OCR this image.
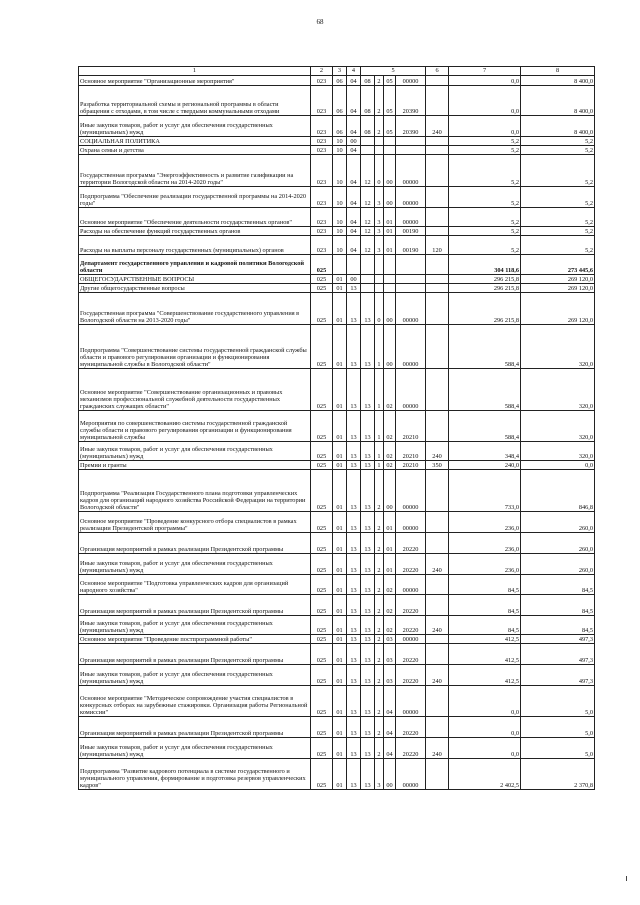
68
1	2	3	4	5				6	7	8
Основное мероприятие "Организационные мероприятия"	023	06	04	08	2	05	00000		0,0	8 400,0
Разработка территориальной схемы и региональной программы в области обращения с отходами, в том числе с твердыми коммунальными отходами	023	06	04	08	2	05	20390		0,0	8 400,0
Иные закупки товаров, работ и услуг для обеспечения государственных (муниципальных) нужд	023	06	04	08	2	05	20390	240	0,0	8 400,0
СОЦИАЛЬНАЯ ПОЛИТИКА	023	10	00						5,2	5,2
Охрана семьи и детства	023	10	04						5,2	5,2
Государственная программа "Энергоэффективность и развитие газификации на территории Вологодской области на 2014-2020 годы"	023	10	04	12	0	00	00000		5,2	5,2
Подпрограмма "Обеспечение реализации государственной программы на 2014-2020 годы"	023	10	04	12	3	00	00000		5,2	5,2
Основное мероприятие "Обеспечение деятельности государственных органов"	023	10	04	12	3	01	00000		5,2	5,2
Расходы на обеспечение функций государственных органов	023	10	04	12	3	01	00190		5,2	5,2
Расходы на выплаты персоналу государственных (муниципальных) органов	023	10	04	12	3	01	00190	120	5,2	5,2
Департамент государственного управления и кадровой политики Вологодской области	025								304 118,6	273 445,6
ОБЩЕГОСУДАРСТВЕННЫЕ ВОПРОСЫ	025	01	00						296 215,8	269 120,0
Другие общегосударственные вопросы	025	01	13						296 215,8	269 120,0
Государственная программа "Совершенствование государственного управления в Вологодской области на 2013-2020 годы"	025	01	13	13	0	00	00000		296 215,8	269 120,0
Подпрограмма "Совершенствование системы государственной гражданской службы области и правового регулирования организации и функционирования муниципальной службы в Вологодской области"	025	01	13	13	1	00	00000		588,4	320,0
Основное мероприятие "Совершенствование организационных и правовых механизмов профессиональной служебной деятельности государственных гражданских служащих области"	025	01	13	13	1	02	00000		588,4	320,0
Мероприятия по совершенствованию системы государственной гражданской службы области и правового регулирования организации и функционирования муниципальной службы	025	01	13	13	1	02	20210		588,4	320,0
Иные закупки товаров, работ и услуг для обеспечения государственных (муниципальных) нужд	025	01	13	13	1	02	20210	240	348,4	320,0
Премии и гранты	025	01	13	13	1	02	20210	350	240,0	0,0
Подпрограмма "Реализация Государственного плана подготовки управленческих кадров для организаций народного хозяйства Российской Федерации на территории Вологодской области"	025	01	13	13	2	00	00000		733,0	846,8
Основное мероприятие "Проведение конкурсного отбора специалистов в рамках реализации Президентской программы"	025	01	13	13	2	01	00000		236,0	260,0
Организация мероприятий в рамках реализации Президентской программы	025	01	13	13	2	01	20220		236,0	260,0
Иные закупки товаров, работ и услуг для обеспечения государственных (муниципальных) нужд	025	01	13	13	2	01	20220	240	236,0	260,0
Основное мероприятие "Подготовка управленческих кадров для организаций народного хозяйства"	025	01	13	13	2	02	00000		84,5	84,5
Организация мероприятий в рамках реализации Президентской программы	025	01	13	13	2	02	20220		84,5	84,5
Иные закупки товаров, работ и услуг для обеспечения государственных (муниципальных) нужд	025	01	13	13	2	02	20220	240	84,5	84,5
Основное мероприятие "Проведение постпрограммной работы"	025	01	13	13	2	03	00000		412,5	497,3
Организация мероприятий в рамках реализации Президентской программы	025	01	13	13	2	03	20220		412,5	497,3
Иные закупки товаров, работ и услуг для обеспечения государственных (муниципальных) нужд	025	01	13	13	2	03	20220	240	412,5	497,3
Основное мероприятие "Методическое сопровождение участия специалистов в конкурсных отборах на зарубежные стажировки. Организация работы Региональной комиссии"	025	01	13	13	2	04	00000		0,0	5,0
Организация мероприятий в рамках реализации Президентской программы	025	01	13	13	2	04	20220		0,0	5,0
Иные закупки товаров, работ и услуг для обеспечения государственных (муниципальных) нужд	025	01	13	13	2	04	20220	240	0,0	5,0
Подпрограмма "Развитие кадрового потенциала в системе государственного и муниципального управления, формирование и подготовка резервов управленческих кадров"	025	01	13	13	3	00	00000		2 402,5	2 370,8
